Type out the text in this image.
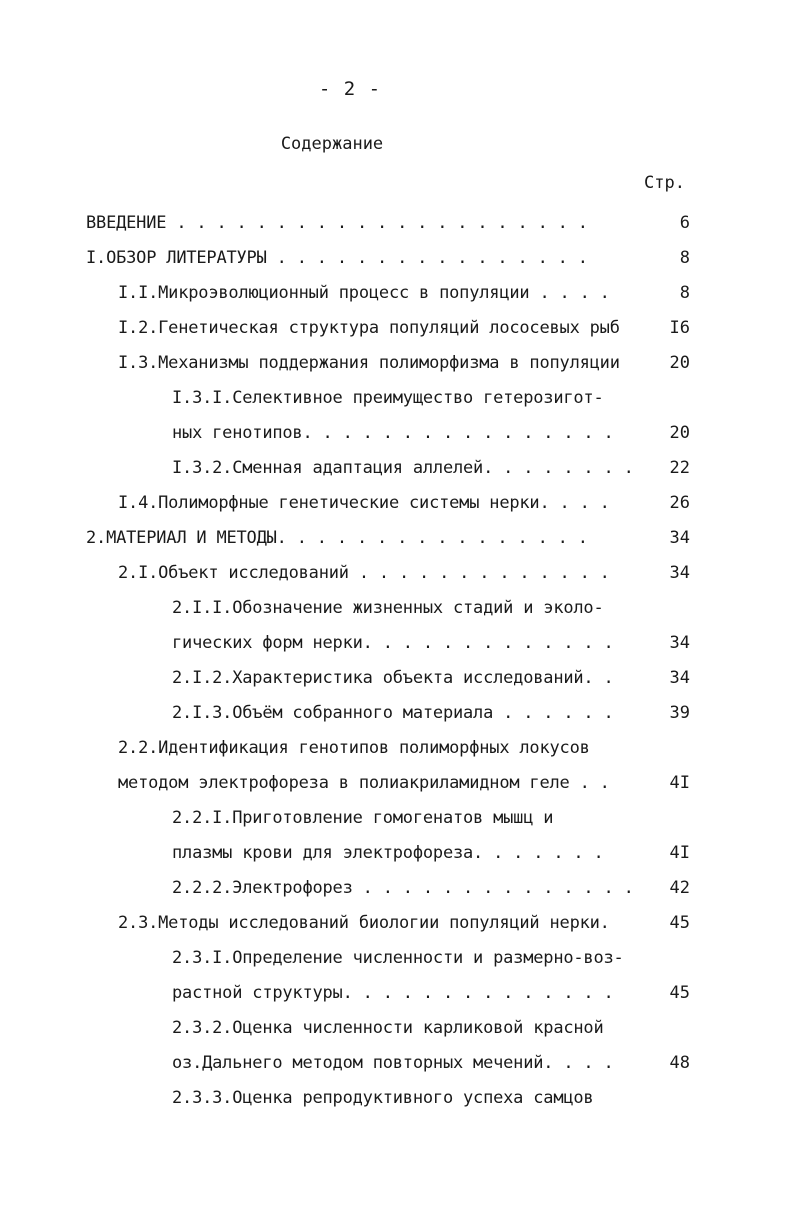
- 2 -
Содержание
Стр.
ВВЕДЕНИЕ . . . . . . . . . . . . . . . . . . . . .	6
I.ОБЗОР ЛИТЕРАТУРЫ . . . . . . . . . . . . . . . .	8
I.I.Микроэволюционный процесс в популяции . . . .	8
I.2.Генетическая структура популяций лососевых рыб	I6
I.3.Механизмы поддержания полиморфизма в популяции	20
I.3.I.Селективное преимущество гетерозигот-
ных генотипов. . . . . . . . . . . . . . . .	20
I.3.2.Сменная адаптация аллелей. . . . . . . .	22
I.4.Полиморфные генетические системы нерки. . . .	26
2.МАТЕРИАЛ И МЕТОДЫ. . . . . . . . . . . . . . . .	34
2.I.Объект исследований . . . . . . . . . . . . .	34
2.I.I.Обозначение жизненных стадий и эколо-
гических форм нерки. . . . . . . . . . . . .	34
2.I.2.Характеристика объекта исследований. .	34
2.I.3.Объём собранного материала . . . . . .	39
2.2.Идентификация генотипов полиморфных локусов
методом электрофореза в полиакриламидном геле . .	4I
2.2.I.Приготовление гомогенатов мышц и
плазмы крови для электрофореза. . . . . . .	4I
2.2.2.Электрофорез . . . . . . . . . . . . . .	42
2.3.Методы исследований биологии популяций нерки.	45
2.3.I.Определение численности и размерно-воз-
растной структуры. . . . . . . . . . . . . .	45
2.3.2.Оценка численности карликовой красной
оз.Дальнего методом повторных мечений. . . .	48
2.3.3.Оценка репродуктивного успеха самцов
